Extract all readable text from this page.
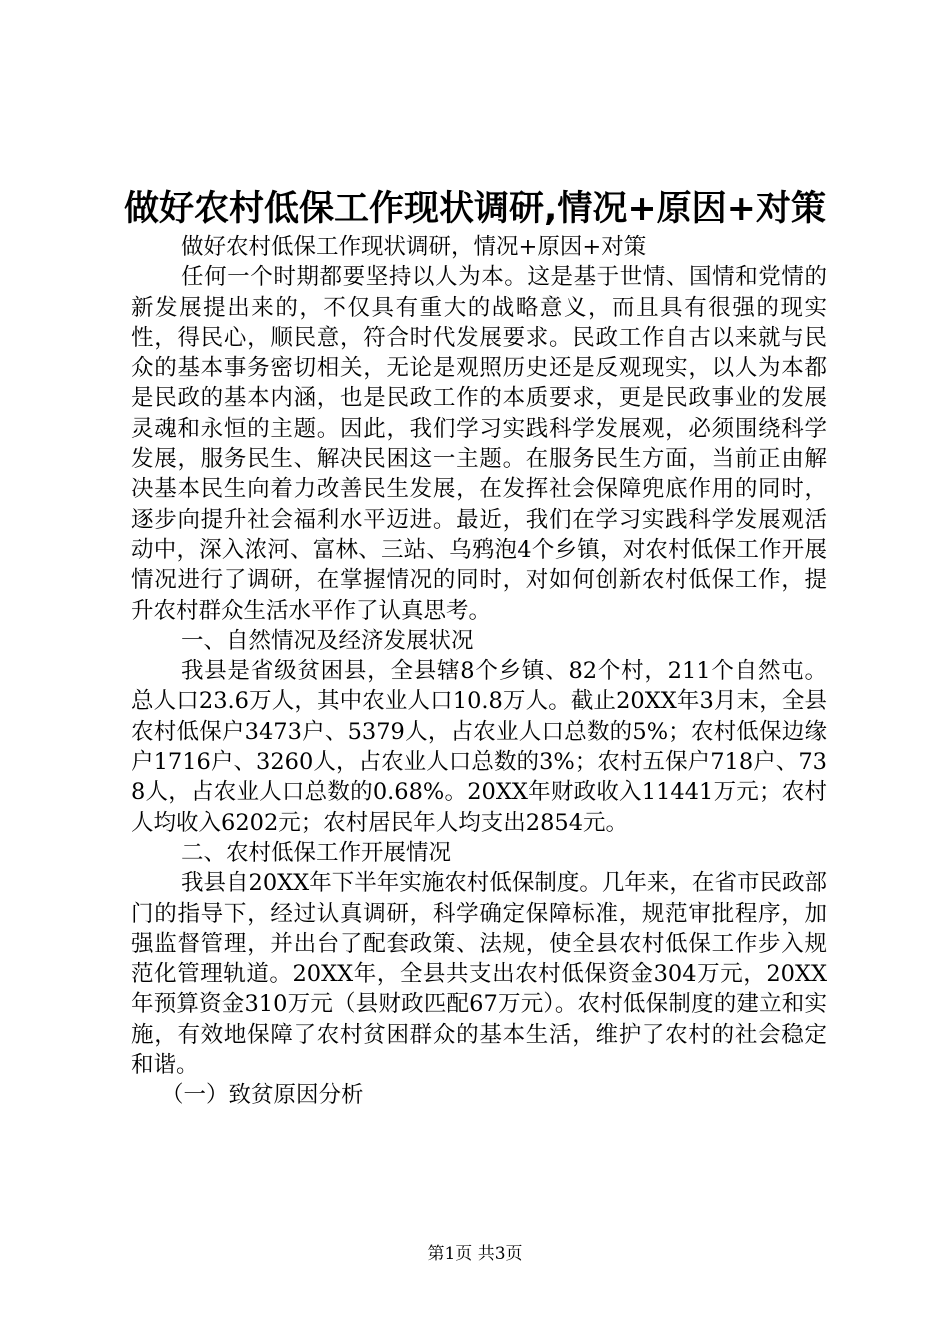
做好农村低保工作现状调研,情况+原因+对策

做好农村低保工作现状调研，情况+原因+对策

任何一个时期都要坚持以人为本。这是基于世情、国情和党情的新发展提出来的，不仅具有重大的战略意义，而且具有很强的现实性，得民心，顺民意，符合时代发展要求。民政工作自古以来就与民众的基本事务密切相关，无论是观照历史还是反观现实，以人为本都是民政的基本内涵，也是民政工作的本质要求，更是民政事业的发展灵魂和永恒的主题。因此，我们学习实践科学发展观，必须围绕科学发展，服务民生、解决民困这一主题。在服务民生方面，当前正由解决基本民生向着力改善民生发展，在发挥社会保障兜底作用的同时，逐步向提升社会福利水平迈进。最近，我们在学习实践科学发展观活动中，深入浓河、富林、三站、乌鸦泡4个乡镇，对农村低保工作开展情况进行了调研，在掌握情况的同时，对如何创新农村低保工作，提升农村群众生活水平作了认真思考。

一、自然情况及经济发展状况

我县是省级贫困县，全县辖8个乡镇、82个村，211个自然屯。总人口23.6万人，其中农业人口10.8万人。截止20XX年3月末，全县农村低保户3473户、5379人，占农业人口总数的5%；农村低保边缘户1716户、3260人，占农业人口总数的3%；农村五保户718户、738人，占农业人口总数的0.68%。20XX年财政收入11441万元；农村人均收入6202元；农村居民年人均支出2854元。

二、农村低保工作开展情况

我县自20XX年下半年实施农村低保制度。几年来，在省市民政部门的指导下，经过认真调研，科学确定保障标准，规范审批程序，加强监督管理，并出台了配套政策、法规，使全县农村低保工作步入规范化管理轨道。20XX年，全县共支出农村低保资金304万元，20XX年预算资金310万元（县财政匹配67万元）。农村低保制度的建立和实施，有效地保障了农村贫困群众的基本生活，维护了农村的社会稳定和谐。

（一）致贫原因分析

第1页 共3页
